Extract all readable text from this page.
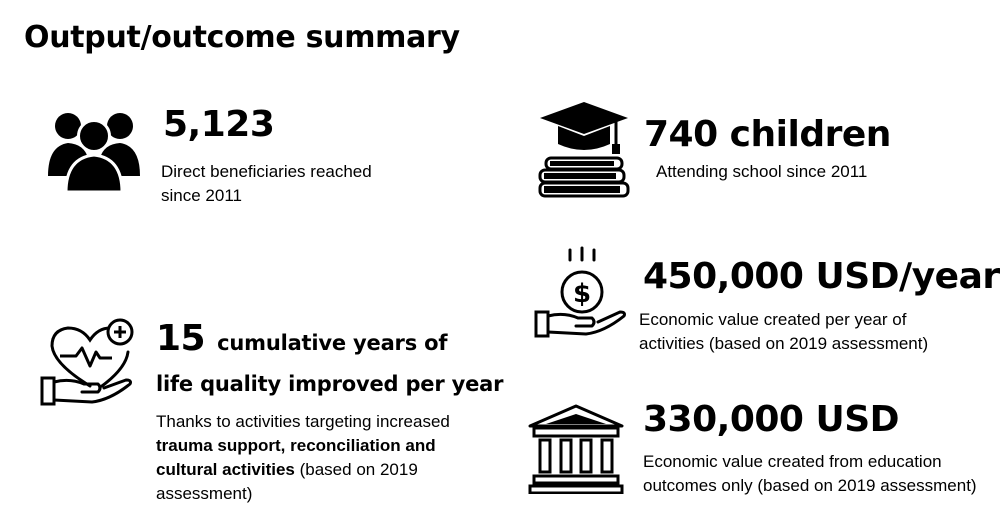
Output/outcome summary
5,123
Direct beneficiaries reached
since 2011
740 children
Attending school since 2011
$ 450,000 USD/year
Economic value created per year of
activities (based on 2019 assessment)
15 cumulative years of
life quality improved per year
Thanks to activities targeting increased
trauma support, reconciliation and
cultural activities (based on 2019
assessment)
330,000 USD
Economic value created from education
outcomes only (based on 2019 assessment)
